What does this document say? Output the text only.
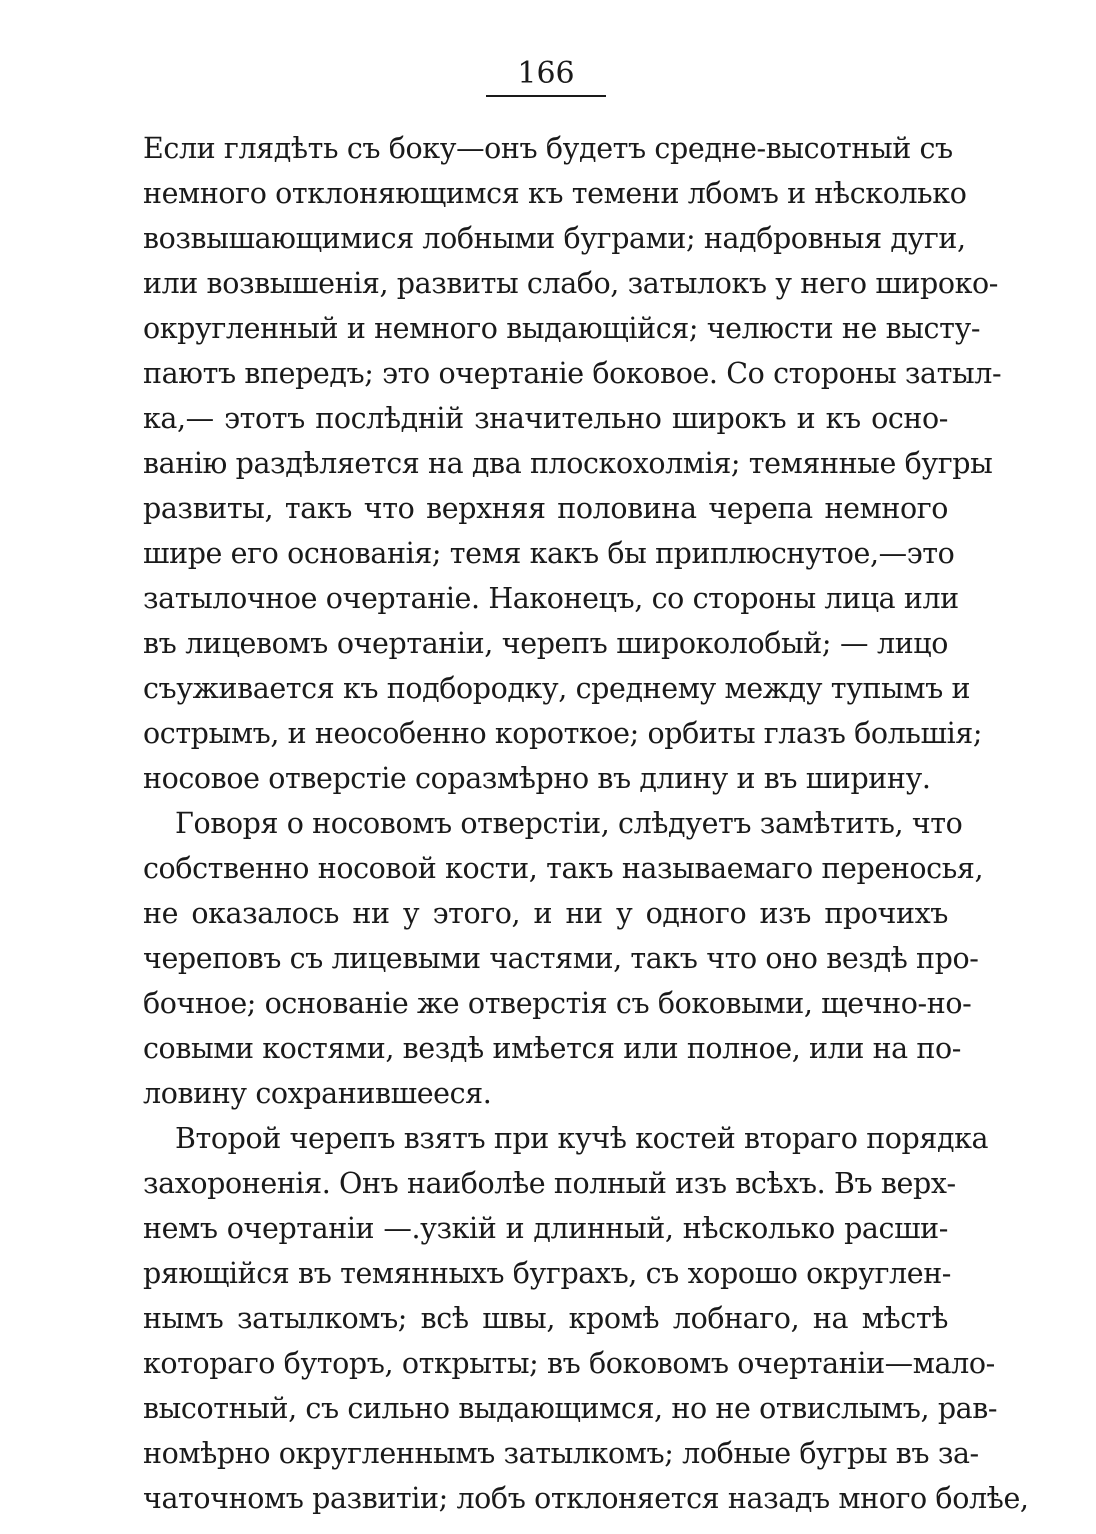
166
Если глядѣть съ боку—онъ будетъ средне-высотный съ
немного отклоняющимся къ темени лбомъ и нѣсколько
возвышающимися лобными буграми; надбровныя дуги,
или возвышенія, развиты слабо, затылокъ у него широко-
округленный и немного выдающійся; челюсти не высту-
паютъ впередъ; это очертаніе боковое. Со стороны затыл-
ка,— этотъ послѣдній значительно широкъ и къ осно-
ванію раздѣляется на два плоскохолмія; темянные бугры
развиты, такъ что верхняя половина черепа немного
шире его основанія; темя какъ бы приплюснутое,—это
затылочное очертаніе. Наконецъ, со стороны лица или
въ лицевомъ очертаніи, черепъ широколобый; — лицо
съуживается къ подбородку, среднему между тупымъ и
острымъ, и неособенно короткое; орбиты глазъ большія;
носовое отверстіе соразмѣрно въ длину и въ ширину.
Говоря о носовомъ отверстіи, слѣдуетъ замѣтить, что
собственно носовой кости, такъ называемаго переносья,
не оказалось ни у этого, и ни у одного изъ прочихъ
череповъ съ лицевыми частями, такъ что оно вездѣ про-
бочное; основаніе же отверстія съ боковыми, щечно-но-
совыми костями, вездѣ имѣется или полное, или на по-
ловину сохранившееся.
Второй черепъ взятъ при кучѣ костей втораго порядка
захороненія. Онъ наиболѣе полный изъ всѣхъ. Въ верх-
немъ очертаніи —.узкій и длинный, нѣсколько расши-
ряющійся въ темянныхъ буграхъ, съ хорошо округлен-
нымъ затылкомъ; всѣ швы, кромѣ лобнаго, на мѣстѣ
котораго буторъ, открыты; въ боковомъ очертаніи—мало-
высотный, съ сильно выдающимся, но не отвислымъ, рав-
номѣрно округленнымъ затылкомъ; лобные бугры въ за-
чаточномъ развитіи; лобъ отклоняется назадъ много болѣе,
